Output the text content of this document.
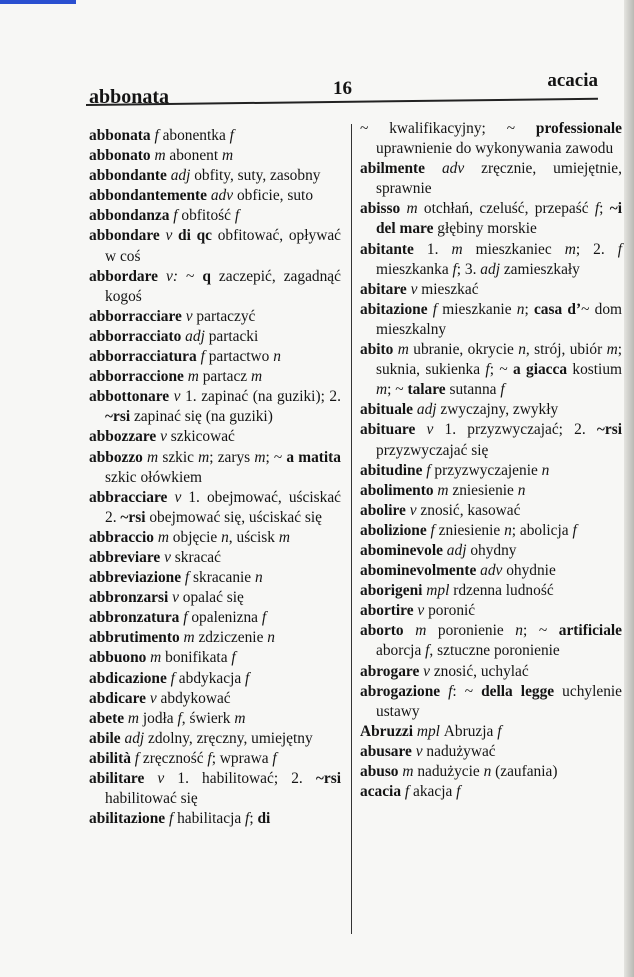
abbonata	16	acacia

abbonata f abonentka f

abbonato m abonent m

abbondante adj obfity, suty, zasobny

abbondantemente adv obficie, suto

abbondanza f obfitość f

abbondare v di qc obfitować, opływać w coś

abbordare v: ~ q zaczepić, zagadnąć kogoś

abborracciare v partaczyć

abborracciato adj partacki

abborracciatura f partactwo n

abborraccione m partacz m

abbottonare v 1. zapinać (na guziki); 2. ~rsi zapinać się (na guziki)

abbozzare v szkicować

abbozzo m szkic m; zarys m; ~ a matita szkic ołówkiem

abbracciare v 1. obejmować, uściskać 2. ~rsi obejmować się, uściskać się

abbraccio m objęcie n, uścisk m

abbreviare v skracać

abbreviazione f skracanie n

abbronzarsi v opalać się

abbronzatura f opalenizna f

abbrutimento m zdziczenie n

abbuono m bonifikata f

abdicazione f abdykacja f

abdicare v abdykować

abete m jodła f, świerk m

abile adj zdolny, zręczny, umiejętny

abilità f zręczność f; wprawa f

abilitare v 1. habilitować; 2. ~rsi habilitować się

abilitazione f habilitacja f; di

~ kwalifikacyjny; ~ professionale uprawnienie do wykonywania zawodu

abilmente adv zręcznie, umiejętnie, sprawnie

abisso m otchłań, czeluść, przepaść f; ~i del mare głębiny morskie

abitante 1. m mieszkaniec m; 2. f mieszkanka f; 3. adj zamieszkały

abitare v mieszkać

abitazione f mieszkanie n; casa d’~ dom mieszkalny

abito m ubranie, okrycie n, strój, ubiór m; suknia, sukienka f; ~ a giacca kostium m; ~ talare sutanna f

abituale adj zwyczajny, zwykły

abituare v 1. przyzwyczajać; 2. ~rsi przyzwyczajać się

abitudine f przyzwyczajenie n

abolimento m zniesienie n

abolire v znosić, kasować

abolizione f zniesienie n; abolicja f

abominevole adj ohydny

abominevolmente adv ohydnie

aborigeni mpl rdzenna ludność

abortire v poronić

aborto m poronienie n; ~ artificiale aborcja f, sztuczne poronienie

abrogare v znosić, uchylać

abrogazione f: ~ della legge uchylenie ustawy

Abruzzi mpl Abruzja f

abusare v nadużywać

abuso m nadużycie n (zaufania)

acacia f akacja f
